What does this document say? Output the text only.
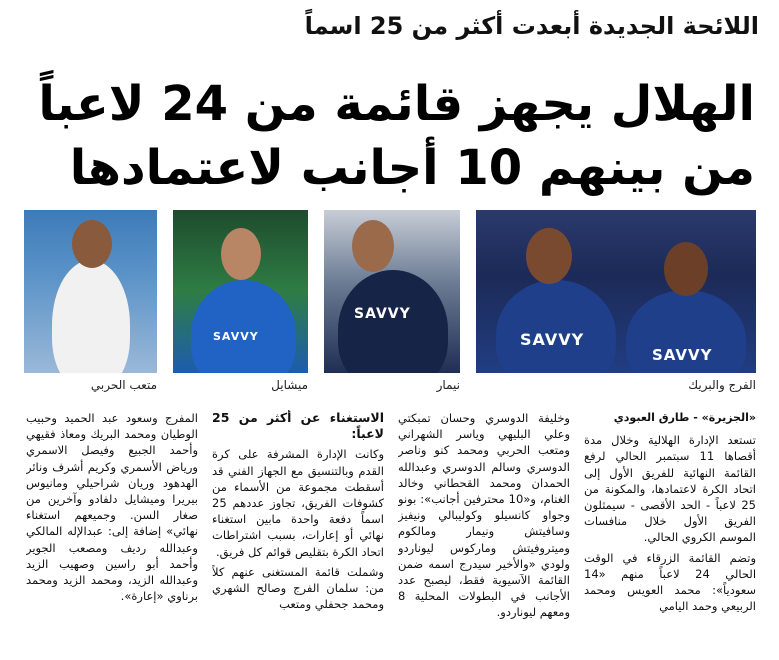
اللائحة الجديدة أبعدت أكثر من 25 اسماً
الهلال يجهز قائمة من 24 لاعباً من بينهم 10 أجانب لاعتمادها
متعب الحربي
SAVVY
ميشايل
SAVVY
نيمار
SAVVY
SAVVY
الفرج والبريك

«الجزيرة» - طارق العبودي

تستعد الإدارة الهلالية وخلال مدة أقصاها 11 سبتمبر الحالي لرفع القائمة النهائية للفريق الأول إلى اتحاد الكرة لاعتمادها، والمكونة من 25 لاعباً - الحد الأقصى - سيمثلون الفريق الأول خلال منافسات الموسم الكروي الحالي.

وتضم القائمة الزرقاء في الوقت الحالي 24 لاعباً منهم «14 سعودياً»: محمد العويس ومحمد الربيعي وحمد اليامي

وخليفة الدوسري وحسان تمبكتي وعلي البليهي وياسر الشهراني ومتعب الحربي ومحمد كنو وناصر الدوسري وسالم الدوسري وعبدالله الحمدان ومحمد القحطاني وخالد الغنام، و«10 محترفين أجانب»: بونو وجواو كانسيلو وكوليبالي ونيفيز وسافيتش ونيمار ومالكوم وميتروفيتش وماركوس ليوناردو ولودي «والأخير سيدرج اسمه ضمن القائمة الآسيوية فقط، ليصبح عدد الأجانب في البطولات المحلية 8 ومعهم ليوناردو.

الاستغناء عن أكثر من 25 لاعباً:

وكانت الإدارة المشرفة على كرة القدم وبالتنسيق مع الجهاز الفني قد أسقطت مجموعة من الأسماء من كشوفات الفريق، تجاوز عددهم 25 اسماً دفعة واحدة مابين استغناء نهائي أو إعارات، بسبب اشتراطات اتحاد الكرة بتقليص قوائم كل فريق.

وشملت قائمة المستغنى عنهم كلاً من: سلمان الفرج وصالح الشهري ومحمد جحفلي ومتعب

المفرج وسعود عبد الحميد وحبيب الوطيان ومحمد البريك ومعاذ فقيهي وأحمد الجبيع وفيصل الاسمري ورياض الأسمري وكريم أشرف ونائر الهدهود وريان شراحيلي ومانيوس بيريرا وميشايل دلفادو وآخرين من صغار السن. وجميعهم استغناء نهائي» إضافة إلى: عبدالإله المالكي وعبدالله رديف ومصعب الجوير وأحمد أبو راسين وصهيب الزيد وعبدالله الزيد، ومحمد الزيد ومحمد برناوي «إعارة».
